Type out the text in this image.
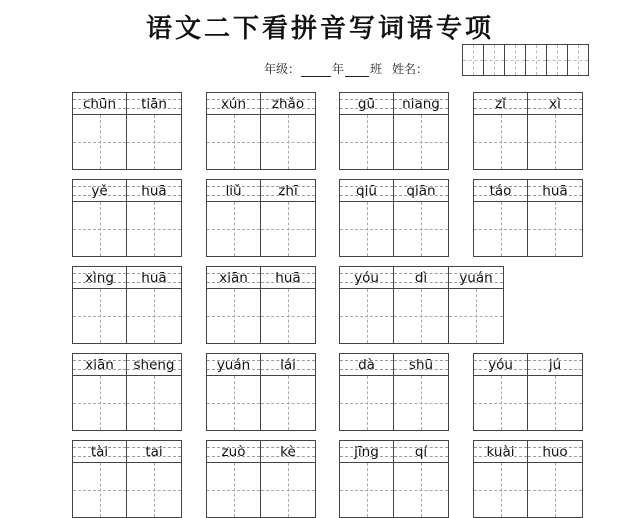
语文二下看拼音写词语专项
年级：	年 班 姓名：
chūn	tiān	xún	zhǎo	gū	niang	zǐ	xì
yě	huā	liǔ	zhī	qiū	qiān	táo	huā
xìng	huā	xiān	huā	yóu	dì	yuán
xiān	sheng	yuán	lái	dà	shū	yóu	jú
tài	tai	zuò	kè	jīng	qí	kuài	huo
